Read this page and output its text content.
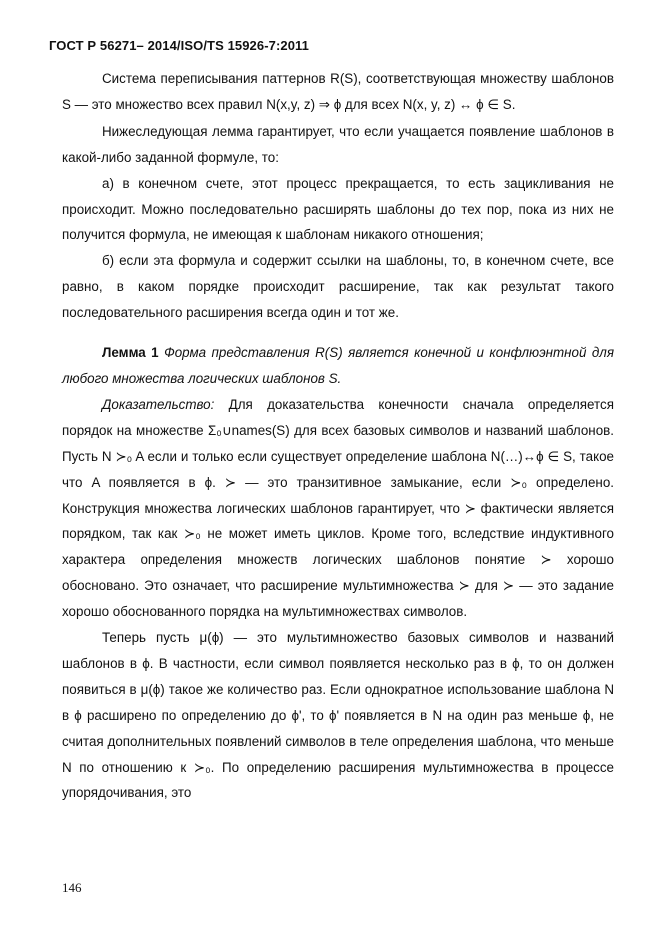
ГОСТ Р 56271– 2014/ISO/TS 15926-7:2011

Система переписывания паттернов R(S), соответствующая множеству шаблонов S — это множество всех правил N(x,y, z) ⇒ ϕ для всех N(x, y, z) ↔ ϕ ∈ S.

Нижеследующая лемма гарантирует, что если учащается появление шаблонов в какой-либо заданной формуле, то:

а) в конечном счете, этот процесс прекращается, то есть зацикливания не происходит. Можно последовательно расширять шаблоны до тех пор, пока из них не получится формула, не имеющая к шаблонам никакого отношения;

б) если эта формула и содержит ссылки на шаблоны, то, в конечном счете, все равно, в каком порядке происходит расширение, так как результат такого последовательного расширения всегда один и тот же.

Лемма 1 Форма представления R(S) является конечной и конфлюэнтной для любого множества логических шаблонов S.

Доказательство: Для доказательства конечности сначала определяется порядок на множестве Σ₀∪names(S) для всех базовых символов и названий шаблонов. Пусть N ≻₀ A если и только если существует определение шаблона N(…)↔ϕ ∈ S, такое что A появляется в ϕ. ≻ — это транзитивное замыкание, если ≻₀ определено. Конструкция множества логических шаблонов гарантирует, что ≻ фактически является порядком, так как ≻₀ не может иметь циклов. Кроме того, вследствие индуктивного характера определения множеств логических шаблонов понятие ≻ хорошо обосновано. Это означает, что расширение мультимножества ≻ для ≻ — это задание хорошо обоснованного порядка на мультимножествах символов.

Теперь пусть μ(ϕ) — это мультимножество базовых символов и названий шаблонов в ϕ. В частности, если символ появляется несколько раз в ϕ, то он должен появиться в μ(ϕ) такое же количество раз. Если однократное использование шаблона N в ϕ расширено по определению до ϕ', то ϕ' появляется в N на один раз меньше ϕ, не считая дополнительных появлений символов в теле определения шаблона, что меньше N по отношению к ≻₀. По определению расширения мультимножества в процессе упорядочивания, это

146
